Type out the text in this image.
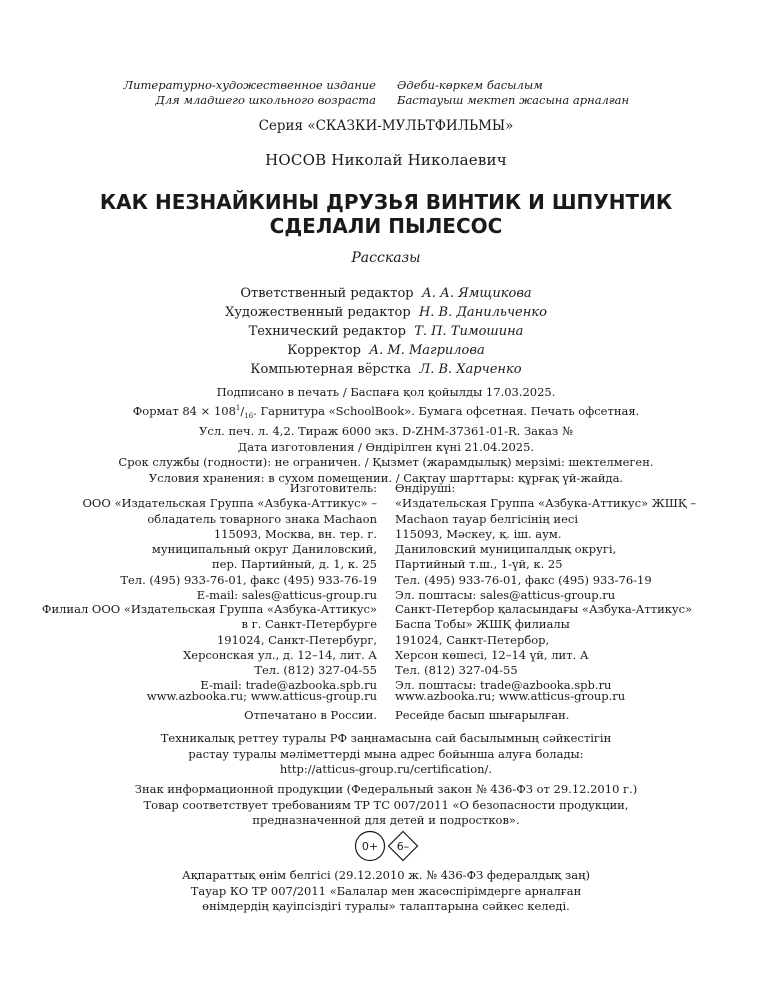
Литературно-художественное издание
Для младшего школьного возраста
Әдеби-көркем басылым
Бастауыш мектеп жасына арналған
Серия «СКАЗКИ-МУЛЬТФИЛЬМЫ»
НОСОВ Николай Николаевич
КАК НЕЗНАЙКИНЫ ДРУЗЬЯ ВИНТИК И ШПУНТИК
СДЕЛАЛИ ПЫЛЕСОС
Рассказы
Ответственный редактор А. А. Ямщикова
Художественный редактор Н. В. Данильченко
Технический редактор Т. П. Тимошина
Корректор А. М. Магрилова
Компьютерная вёрстка Л. В. Харченко
Подписано в печать / Баспаға қол қойылды 17.03.2025.
Формат $84 \times 108^1/_{16}$. Гарнитура «SchoolBook». Бумага офсетная. Печать офсетная.
Усл. печ. л. 4,2. Тираж 6000 экз. D-ZHM-37361-01-R. Заказ №
Дата изготовления / Өндірілген күні 21.04.2025.
Срок службы (годности): не ограничен. / Қызмет (жарамдылық) мерзімі: шектелмеген.
Условия хранения: в сухом помещении. / Сақтау шарттары: құрғақ үй-жайда.
Изготовитель:
ООО «Издательская Группа «Азбука-Аттикус» –
обладатель товарного знака Machaon
115093, Москва, вн. тер. г.
муниципальный округ Даниловский,
пер. Партийный, д. 1, к. 25
Тел. (495) 933-76-01, факс (495) 933-76-19
E-mail: sales@atticus-group.ru
Өндіруші:
«Издательская Группа «Азбука-Аттикус» ЖШҚ –
Machaon тауар белгісінің иесі
115093, Мәскеу, қ. іш. аум.
Даниловский муниципалдық округі,
Партийный т.ш., 1-үй, к. 25
Тел. (495) 933-76-01, факс (495) 933-76-19
Эл. поштасы: sales@atticus-group.ru
Филиал ООО «Издательская Группа «Азбука-Аттикус»
в г. Санкт-Петербурге
191024, Санкт-Петербург,
Херсонская ул., д. 12–14, лит. А
Тел. (812) 327-04-55
E-mail: trade@azbooka.spb.ru
Санкт-Петербор қаласындағы «Азбука-Аттикус»
Баспа Тобы» ЖШҚ филиалы
191024, Санкт-Петербор,
Херсон көшесі, 12–14 үй, лит. А
Тел. (812) 327-04-55
Эл. поштасы: trade@azbooka.spb.ru
www.azbooka.ru; www.atticus-group.ru www.azbooka.ru; www.atticus-group.ru
Отпечатано в России. Ресейде басып шығарылған.
Техникалық реттеу туралы РФ заңнамасына сай басылымның сәйкестігін
растау туралы мәліметтерді мына адрес бойынша алуға болады:
http://atticus-group.ru/certification/.
Знак информационной продукции (Федеральный закон № 436-ФЗ от 29.12.2010 г.)
Товар соответствует требованиям ТР ТС 007/2011 «О безопасности продукции,
предназначенной для детей и подростков».
0+ 6–
Ақпараттық өнім белгісі (29.12.2010 ж. № 436-ФЗ федералдық заң)
Тауар КО ТР 007/2011 «Балалар мен жасөспірімдерге арналған
өнімдердің қауіпсіздігі туралы» талаптарына сәйкес келеді.
